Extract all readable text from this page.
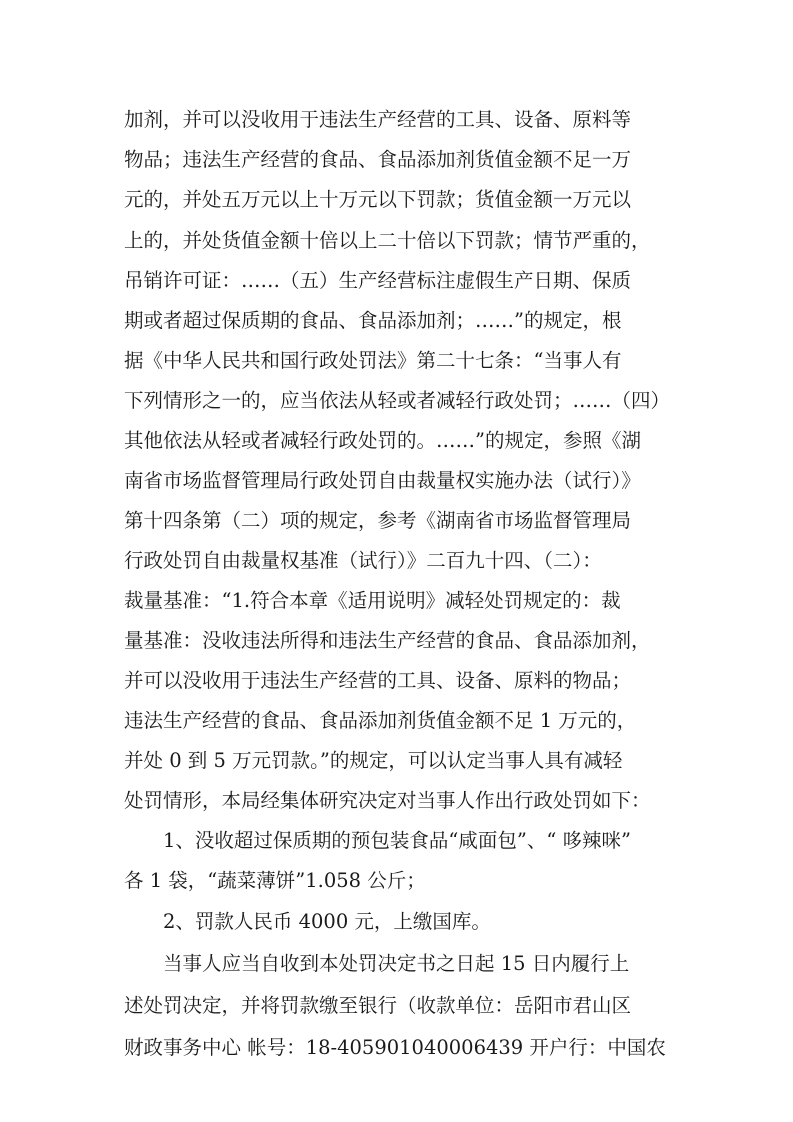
加剂，并可以没收用于违法生产经营的工具、设备、原料等
物品；违法生产经营的食品、食品添加剂货值金额不足一万
元的，并处五万元以上十万元以下罚款；货值金额一万元以
上的，并处货值金额十倍以上二十倍以下罚款；情节严重的，
吊销许可证：……（五）生产经营标注虚假生产日期、保质
期或者超过保质期的食品、食品添加剂；……”的规定，根
据《中华人民共和国行政处罚法》第二十七条：“当事人有
下列情形之一的，应当依法从轻或者减轻行政处罚；……（四）
其他依法从轻或者减轻行政处罚的。……”的规定，参照《湖
南省市场监督管理局行政处罚自由裁量权实施办法（试行）》
第十四条第（二）项的规定，参考《湖南省市场监督管理局
行政处罚自由裁量权基准（试行）》二百九十四、（二）：
裁量基准：“1.符合本章《适用说明》减轻处罚规定的：裁
量基准：没收违法所得和违法生产经营的食品、食品添加剂，
并可以没收用于违法生产经营的工具、设备、原料的物品；
违法生产经营的食品、食品添加剂货值金额不足 1 万元的，
并处 0 到 5 万元罚款。”的规定，可以认定当事人具有减轻
处罚情形，本局经集体研究决定对当事人作出行政处罚如下：
1、没收超过保质期的预包装食品“咸面包”、“ 哆辣咪”
各 1 袋，“蔬菜薄饼”1.058 公斤；
2、罚款人民币 4000 元，上缴国库。
当事人应当自收到本处罚决定书之日起 15 日内履行上
述处罚决定，并将罚款缴至银行（收款单位：岳阳市君山区
财政事务中心 帐号：18-405901040006439 开户行：中国农
